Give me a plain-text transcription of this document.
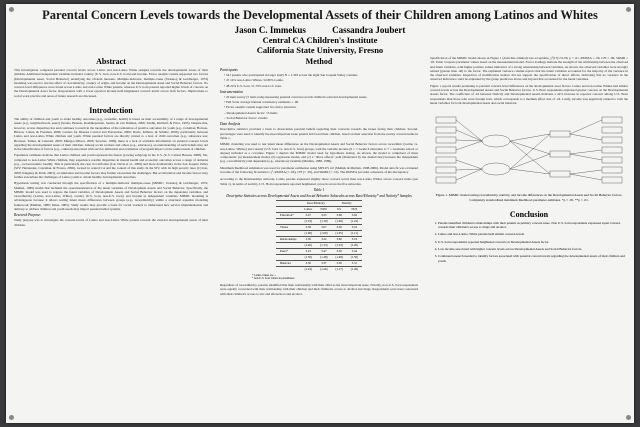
Parental Concern Levels towards the Developmental Assets of their Children among Latinos and Whites
Jason C. Immekus	Cassandra Joubert
Central CA Children's Institute
California State University, Fresno
Abstract

This investigation compared parental concern levels across Latino and non-Latino White samples towards the developmental assets of their children. Additional independent variables included country (U.S. born, non-U.S. born) and income. Factor analytic results supported two factors (Developmental Asset, Social Behavior) underlying the 20-item measure. Multiple-indicator, multiple-cause (Jöreskog & Goldberger, 1974) modeling was used to test the effect of race/ethnicity, country of origin, and income on the Developmental Asset and Social Behavior factors. No concern level differences were found across Latino and non-Latino White parents, whereas U.S. born parents reported higher levels of concern on the Developmental Asset factor. Respondents with a lower reported income held heightened concern levels across both factors. Implications to social work practice and areas of future research are discussed.

Introduction

The ability of children and youth to attain healthy outcomes (e.g., academic, health) is based on their accessibility of a range of developmental assets (e.g., neighborhoods, peers) (Scales, Benson, Roehlkepartain, Sesma, & van Dulmen, 2006; Zeldin, Kimball, & Price, 1995). Despite this, however, access disparities has and continues to result in the inequalities of the realization of positive outcomes for youth (e.g., Coleman, Hobson, Hinson, Cohen, & Freeman, 2006; Centers for Disease Control and Prevention, 2006; Davis, Kilburn, & Schultz, 2009), particularly between Latino and non-Latino White children and youth. While parental factors are directly related to a host of child outcomes (e.g., substance use; Brouwer, Tumer, & Catterall, 2009; Mungro-Wilson, 2006; Spooner, 1999), there is a lack of available information on parental concern levels regarding the developmental assets of their children. Among social workers and others (e.g., educators), an understanding of such beliefs may aid in the identification of factors (e.g., cultural) associated with service utilization and evaluation of program impact on the unmet needs of children.

Population estimates indicate that Latino children and youth represent the fastest growing subgroup in the U.S. (U.S. Census Bureau, 2008). Yet, compared to non-Latino White children, they experience notable disparities in mental health and economic outcomes across a range of domains (e.g., socioeconomic, health). This is particularly the case in California (CA; Davis et al., 2009) and more dramatically in the San Joaquin Valley (SJV; Hernandez, Capriman, & Fresno, 2006), located in central CA and the context of this study. In the SJV, with its high poverty rates (Cytron, 2009; Kingsley & Pettit, 2003), acculturation and income factors may further exacerbate the challenges. But acculturation and income factors may further exacerbate the challenges of Latino youth to obtain healthy developmental outcomes.

Hypothesis testing was conducted through the specification of a multiple-indicator multiple-cause (MIMIC; Jöreskog & Goldberger, 1974; Muthén, 1989) model that included the operationalization of the latent variables of Development Assets and Social Behavior. Specifically, the MIMIC model was used to regress the latent variables of Development Assets and Social Behavior factors on the dependent variables, and race/ethnicity (Latino, non-Latino, White), country (U.S. born, non-U.S. born), and income as independent variables. MIMIC modeling is advantageous because it allows testing latent mean differences between groups (e.g., race/ethnicity) within a structural equation modeling framework (Muthén, 1989; Kline, 2005). Study results may provide a basis for social workers to understand how service implementation and delivery to address children and youth needs may impact parental belief systems.

Research Purpose:

Study purpose was to investigate the concern levels of Latino and non-Latino White parents towards the external developmental assets of their children.

Method
Participants
• 541 parents who participated in larger study N = 1,393 across the eight San Joaquin Valley counties.
• 47.14% non-Latino Whites, 52.86% Latino.
• 48.22% U.S. born, 51.79% non-U.S. born.
Instrumentation
• 20 item survey (5 item scale) measuring parental concern towards children's external developmental assets.
• Full Scale average internal consistency estimates = .90.
• Factor analytic results supported two factor structure:
– Developmental Assets factor: 13 items
– Social Behavior factor: 4 items
Data Analysis

Descriptive statistics provided a basis to characterize parental beliefs regarding their concerns towards the issues facing their children. Second, percentages were used to identify the most important issue parents felt faced their children, based on their selection from the twenty concern items in Table 1.

MIMIC modeling was used to test latent mean differences on the Developmental Assets and Social Behavior factors across race/ethnic (Latino vs. non-Latino, Whites) and country (U.S. born vs. non-U.S. born) groups, with the variable income (0 = < Grade 6 education to 7 = Graduate school or degree) included as a covariate. Figure 1 depicts the MIMIC model used for hypothesis testing. As shown, the model is comprised of three components: (a) measurement model, (b) regression model, and (c) a "direct effects" path (illustrated by the dashed line) between the independent (e.g., race/ethnicity) and dependent (e.g., education) variables (Muthén, 1988, 1989).

Maximum likelihood estimation was used for parameter estimation using MPLUS 4.0 (Muthén & Muthén, 1998-2006). Model data fit was evaluated in terms of the following fit statistics: χ², RMSEA (< .06), CFI (> .95), and SRMR (< .10). The RMSEA provides a measure of the discrepancy

According to the Relationships subscale, Latino parents expressed slightly more concern levels than non-Latino Whites across concern items (see Table 1). In terms of nativity, U.S. Born respondents reported heightened concern across the five subscales.

Table 1
Descriptive Statistics across Developmental Assets and Social Behavior Subscales across Race/Ethnicity* and Nativity* Samples
	Race/Ethnicity		Nativity	
	Latino	NLW	US	NUS
Education*	3.47	3.25	3.68	3.02
	(1.19)	(1.19)	(1.09)	(1.24)
Values	3.39	3.07	3.36	3.16
	(1.06)	(1.09)	(1.05)	(1.11)
Relationships	3.39	3.22	3.60	3.19
	(1.20)	(1.15)	(1.23)	(1.20)
Peers*	3.23	3.47	3.36	3.44
	(1.50)	(1.48)	(1.48)	(1.50)
Behavior	3.50	3.37	3.36	3.31
	(1.24)	(1.26)	(1.17)	(1.26)
* Latino values are ...
* non-U.S. born values in parentheses

Regardless of race/ethnicity, parents identified that their relationship with their child as the most important issue. Notably, non-U.S. born respondents were equally concerned with their relationship with their children and their children's access to alcohol and drugs. Respondents were least concerned with their children's access to arts and afterschool and alcohol.

Specification of the MIMIC model shown in Figure 1 (dash line omitted) was acceptable, χ²(17)=51.06, p < .01, RMSEA = .06, CFI = .96, SRMR = .03. Table 3 reports parameter values based on the measurement model. Factor loadings indicate the strength of the relationship between the observed and latent variables, with higher positive values indicative of a strong relationship between variables. As shown, the observed variables were strongly related (greater than .40) to the factor. The explained variance column reports that the latent variables accounted for the majority of the variance in the observed variables. Inspection of modification indices did not support the specification of direct effects, indicating that no variance in the observed indicators could be explained by the group predictors above and beyond that accounted for the latent variables.

Figure 1 reports results pertaining to parental concern level differences on the developmental asset factors. Latino and non-Latino Whites had similar concern levels across the Developmental Assets and Social Behavior factors. U.S. Born respondents expressed greater concern on the Developmental Assets factor. The coefficient of .24 between Nativity and Developmental Assets indicates a 24% increase in reported concern among U.S. Born respondents than those who were foreign born, which corresponds to a medium effect size of .24. Lastly, income was negatively related to both the latent variables for both developmental assets and social behavior.

Figure 1. MIMIC model testing race/ethnicity, nativity, and income differences on the Developmental Assets and Social Behavior factors. Completely standardized maximum likelihood parameter estimates. *p < .05, **p < .01.
Conclusion
1. Parents identified children's relationships with their parents as primary concern issue. Non U.S. born respondents expressed equal concern towards their children's access to drugs and alcohol.
2. Latino and non-Latino, White parents held similar concern levels.
3. U.S. born respondents reported heightened concern on Developmental Assets factor.
4. Low income associated with higher concern levels across Developmental Assets and Social Behavior factors.
5. Continued research needed to identify factors associated with parental concern levels regarding the developmental assets of their children and youth.
